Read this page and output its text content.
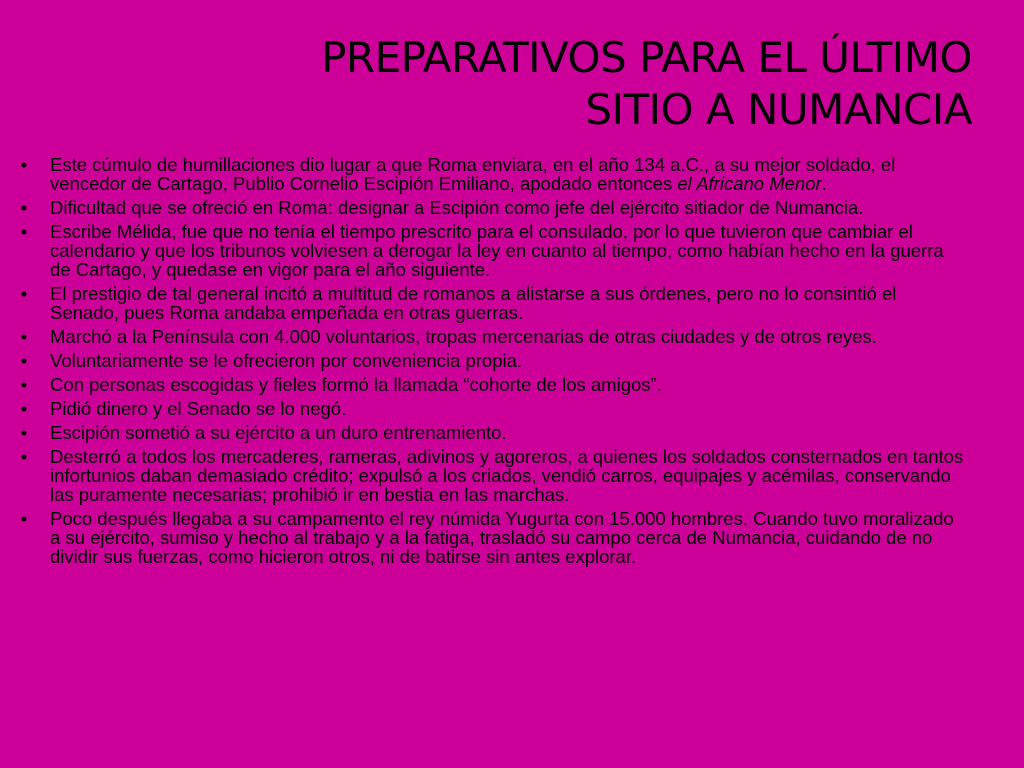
PREPARATIVOS PARA EL ÚLTIMO
SITIO A NUMANCIA
•	Este cúmulo de humillaciones dio lugar a que Roma enviara, en el año 134 a.C., a su mejor soldado, el vencedor de Cartago, Publio Cornelio Escipión Emiliano, apodado entonces el Africano Menor.
•	Dificultad que se ofreció en Roma: designar a Escipión como jefe del ejército sitiador de Numancia.
•	Escribe Mélida, fue que no tenía el tiempo prescrito para el consulado, por lo que tuvieron que cambiar el calendario y que los tribunos volviesen a derogar la ley en cuanto al tiempo, como habían hecho en la guerra de Cartago, y quedase en vigor para el año siguiente.
•	El prestigio de tal general incitó a multitud de romanos a alistarse a sus órdenes, pero no lo consintió el Senado, pues Roma andaba empeñada en otras guerras.
•	Marchó a la Península con 4.000 voluntarios, tropas mercenarias de otras ciudades y de otros reyes.
•	Voluntariamente se le ofrecieron por conveniencia propia.
•	Con personas escogidas y fieles formó la llamada “cohorte de los amigos”.
•	Pidió dinero y el Senado se lo negó.
•	Escipión sometió a su ejército a un duro entrenamiento.
•	Desterró a todos los mercaderes, rameras, adivinos y agoreros, a quienes los soldados consternados en tantos infortunios daban demasiado crédito; expulsó a los criados, vendió carros, equipajes y acémilas, conservando las puramente necesarias; prohibió ir en bestia en las marchas.
•	Poco después llegaba a su campamento el rey númida Yugurta con 15.000 hombres. Cuando tuvo moralizado a su ejército, sumiso y hecho al trabajo y a la fatiga, trasladó su campo cerca de Numancia, cuidando de no dividir sus fuerzas, como hicieron otros, ni de batirse sin antes explorar.
